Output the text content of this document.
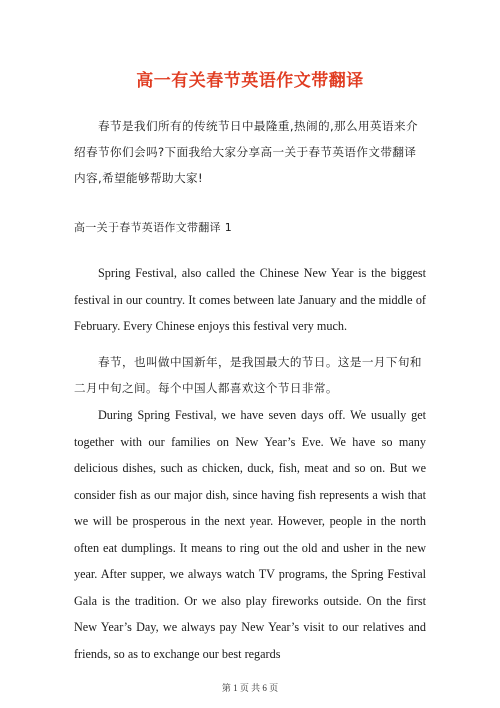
高一有关春节英语作文带翻译

春节是我们所有的传统节日中最隆重,热闹的,那么用英语来介绍春节你们会吗?下面我给大家分享高一关于春节英语作文带翻译内容,希望能够帮助大家!

高一关于春节英语作文带翻译 1

Spring Festival, also called the Chinese New Year is the biggest festival in our country. It comes between late January and the middle of February. Every Chinese enjoys this festival very much.

春节，也叫做中国新年，是我国最大的节日。这是一月下旬和二月中旬之间。每个中国人都喜欢这个节日非常。

During Spring Festival, we have seven days off. We usually get together with our families on New Year’s Eve. We have so many delicious dishes, such as chicken, duck, fish, meat and so on. But we consider fish as our major dish, since having fish represents a wish that we will be prosperous in the next year. However, people in the north often eat dumplings. It means to ring out the old and usher in the new year. After supper, we always watch TV programs, the Spring Festival Gala is the tradition. Or we also play fireworks outside. On the first New Year’s Day, we always pay New Year’s visit to our relatives and friends, so as to exchange our best regards

第 1 页 共 6 页
